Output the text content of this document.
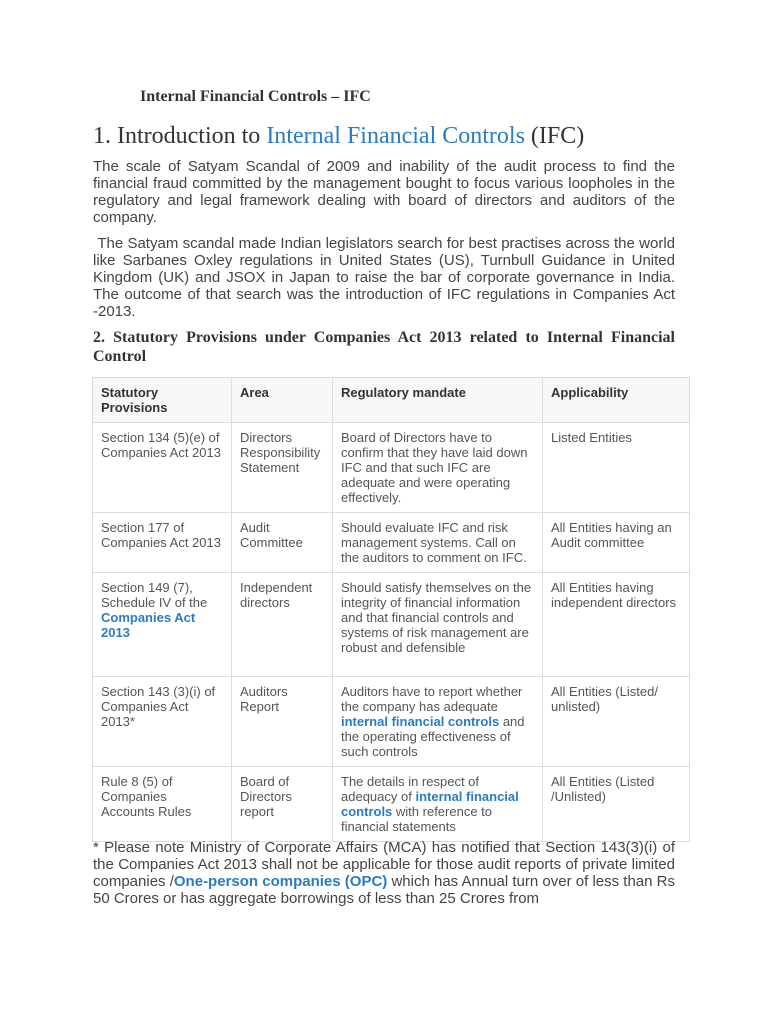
Internal Financial Controls – IFC
1. Introduction to Internal Financial Controls (IFC)
The scale of Satyam Scandal of 2009 and inability of the audit process to find the financial fraud committed by the management bought to focus various loopholes in the regulatory and legal framework dealing with board of directors and auditors of the company.
The Satyam scandal made Indian legislators search for best practises across the world like Sarbanes Oxley regulations in United States (US), Turnbull Guidance in United Kingdom (UK) and JSOX in Japan to raise the bar of corporate governance in India. The outcome of that search was the introduction of IFC regulations in Companies Act -2013.
2. Statutory Provisions under Companies Act 2013 related to Internal Financial Control
Statutory Provisions	Area	Regulatory mandate	Applicability
Section 134 (5)(e) of Companies Act 2013	Directors Responsibility Statement	Board of Directors have to confirm that they have laid down IFC and that such IFC are adequate and were operating effectively.	Listed Entities
Section 177 of Companies Act 2013	Audit Committee	Should evaluate IFC and risk management systems. Call on the auditors to comment on IFC.	All Entities having an Audit committee
Section 149 (7), Schedule IV of the Companies Act 2013	Independent directors	Should satisfy themselves on the integrity of financial information and that financial controls and systems of risk management are robust and defensible	All Entities having independent directors
Section 143 (3)(i) of Companies Act 2013*	Auditors Report	Auditors have to report whether the company has adequate internal financial controls and the operating effectiveness of such controls	All Entities (Listed/ unlisted)
Rule 8 (5) of Companies Accounts Rules	Board of Directors report	The details in respect of adequacy of internal financial controls with reference to financial statements	All Entities (Listed /Unlisted)
* Please note Ministry of Corporate Affairs (MCA) has notified that Section 143(3)(i) of the Companies Act 2013 shall not be applicable for those audit reports of private limited companies /One-person companies (OPC) which has Annual turn over of less than Rs 50 Crores or has aggregate borrowings of less than 25 Crores from
